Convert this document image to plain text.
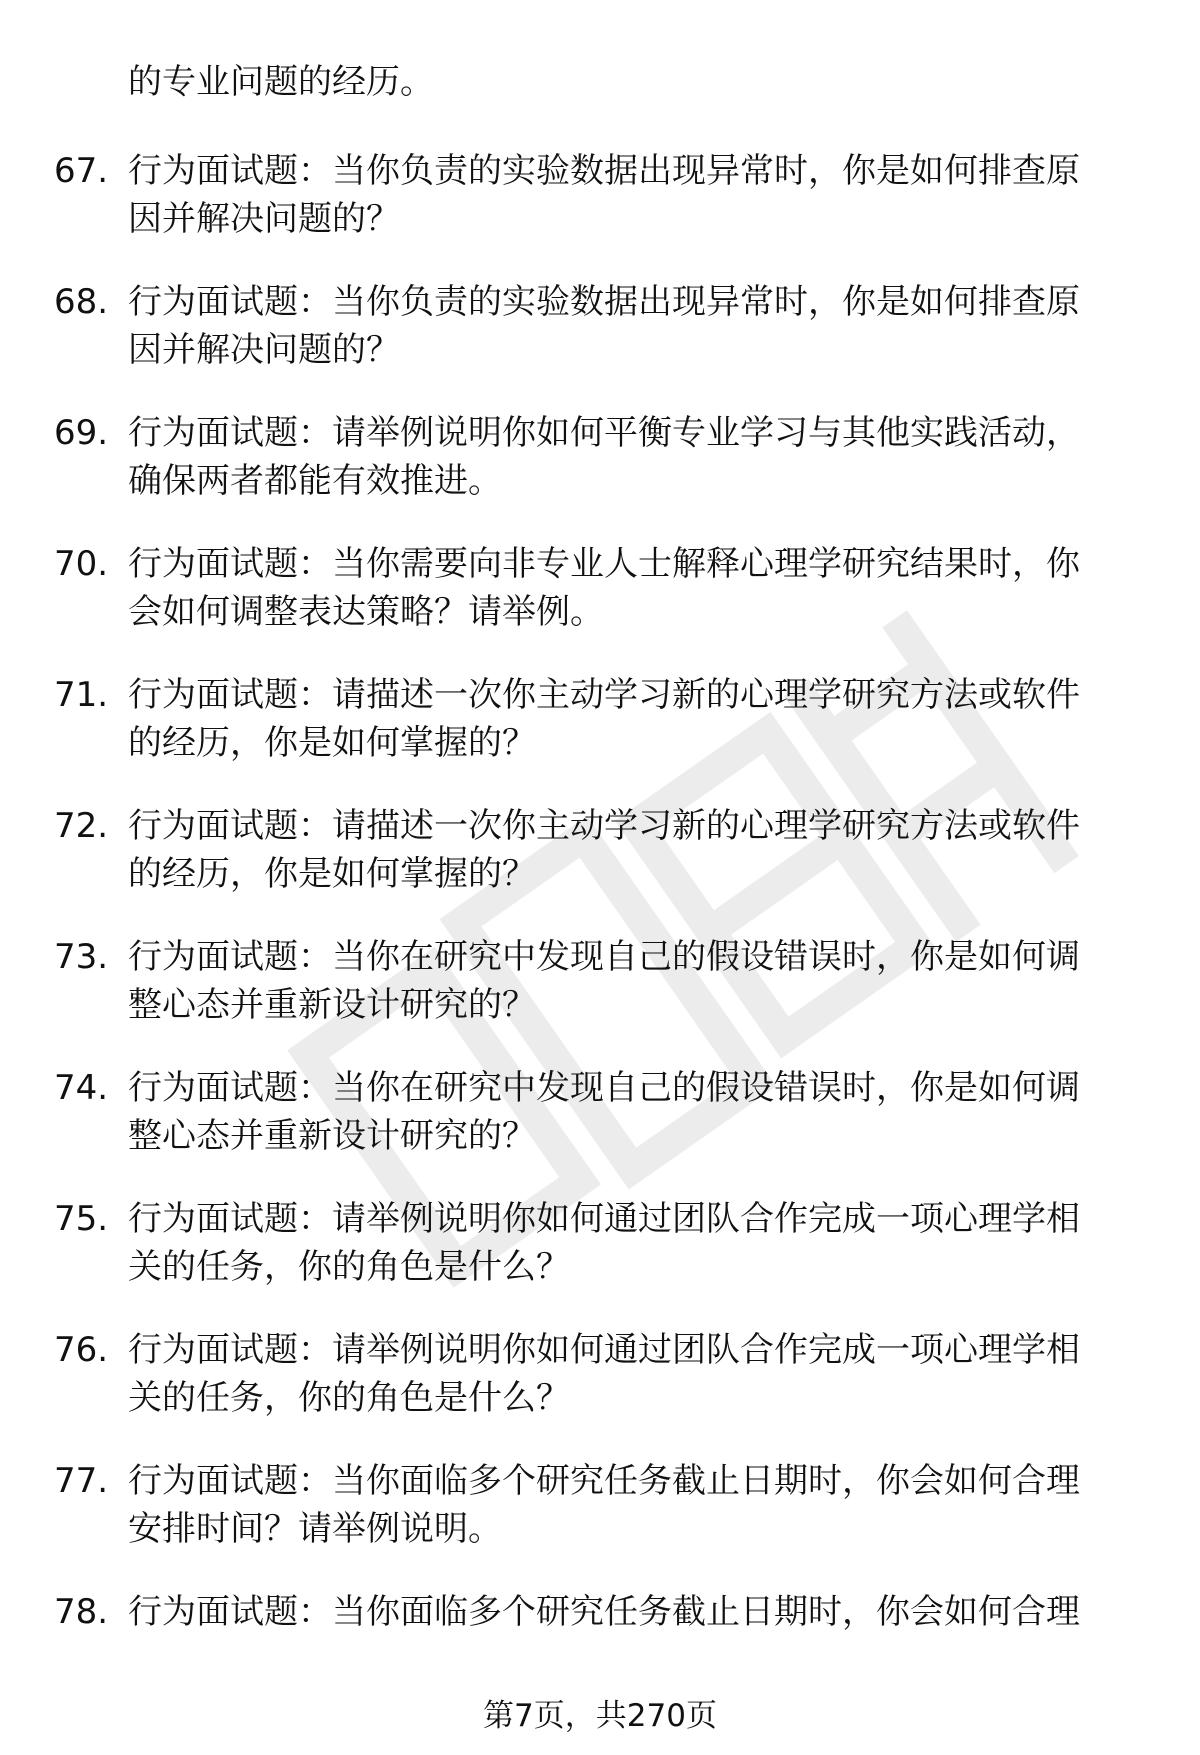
的专业问题的经历。
67. 行为面试题：当你负责的实验数据出现异常时，你是如何排查原
因并解决问题的？
68. 行为面试题：当你负责的实验数据出现异常时，你是如何排查原
因并解决问题的？
69. 行为面试题：请举例说明你如何平衡专业学习与其他实践活动，
确保两者都能有效推进。
70. 行为面试题：当你需要向非专业人士解释心理学研究结果时，你
会如何调整表达策略？请举例。
71. 行为面试题：请描述一次你主动学习新的心理学研究方法或软件
的经历，你是如何掌握的？
72. 行为面试题：请描述一次你主动学习新的心理学研究方法或软件
的经历，你是如何掌握的？
73. 行为面试题：当你在研究中发现自己的假设错误时，你是如何调
整心态并重新设计研究的？
74. 行为面试题：当你在研究中发现自己的假设错误时，你是如何调
整心态并重新设计研究的？
75. 行为面试题：请举例说明你如何通过团队合作完成一项心理学相
关的任务，你的角色是什么？
76. 行为面试题：请举例说明你如何通过团队合作完成一项心理学相
关的任务，你的角色是什么？
77. 行为面试题：当你面临多个研究任务截止日期时，你会如何合理
安排时间？请举例说明。
78. 行为面试题：当你面临多个研究任务截止日期时，你会如何合理
第7页，共270页
